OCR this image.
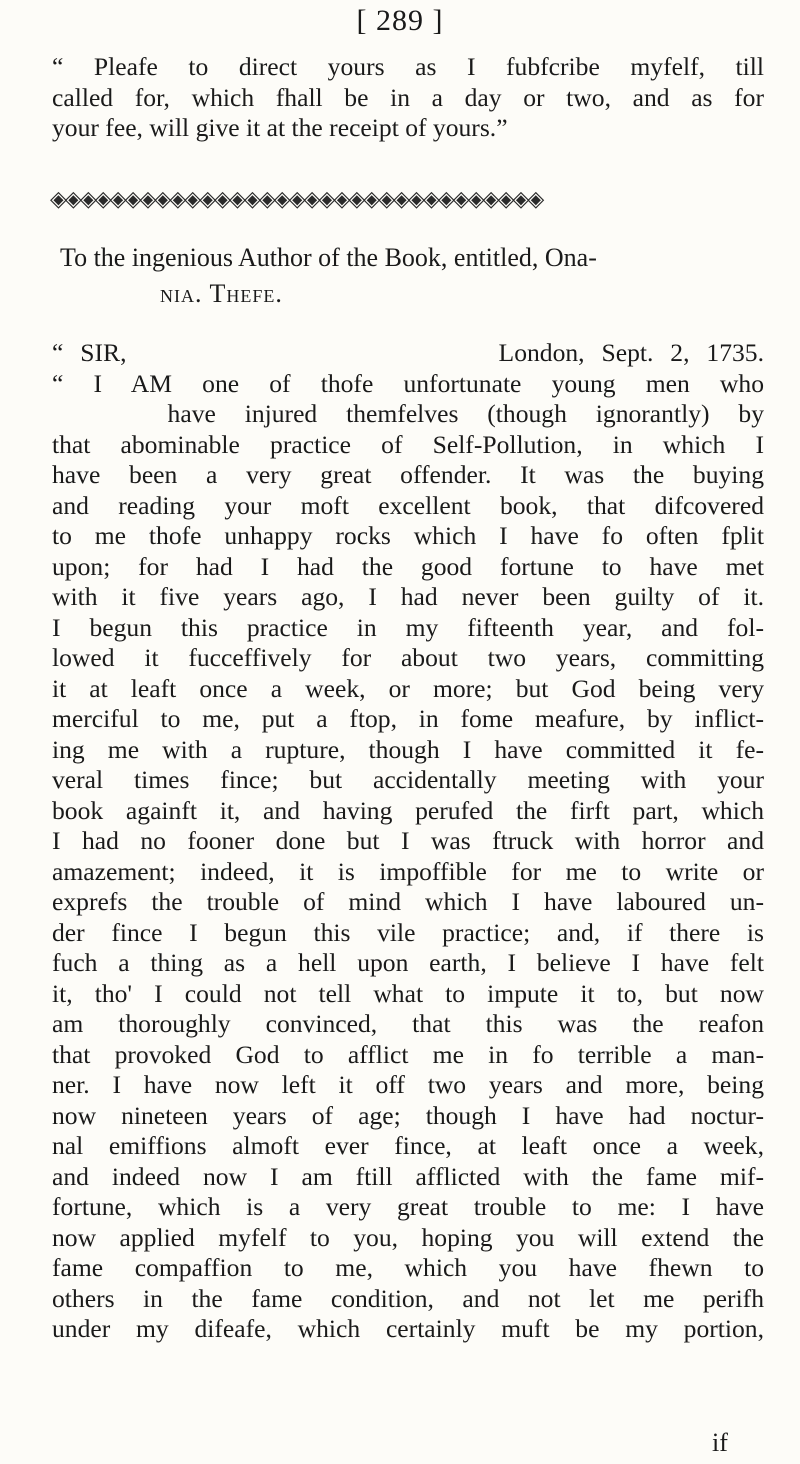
[ 289 ]
“ Pleafe to direct yours as I fubfcribe myfelf, till
called for, which fhall be in a day or two, and as for
your fee, will give it at the receipt of yours.”
◈◈◈◈◈◈◈◈◈◈◈◈◈◈◈◈◈◈◈◈◈◈◈◈◈◈◈◈◈◈◈◈◈
To the ingenious Author of the Book, entitled, Ona-
nia. Thefe.
“ SIR,                      London, Sept. 2, 1735.
“ I AM one of thofe unfortunate young men who
have injured themfelves (though ignorantly) by
that abominable practice of Self-Pollution, in which I
have been a very great offender. It was the buying
and reading your moft excellent book, that difcovered
to me thofe unhappy rocks which I have fo often fplit
upon; for had I had the good fortune to have met
with it five years ago, I had never been guilty of it.
I begun this practice in my fifteenth year, and fol-
lowed it fucceffively for about two years, committing
it at leaft once a week, or more; but God being very
merciful to me, put a ftop, in fome meafure, by inflict-
ing me with a rupture, though I have committed it fe-
veral times fince; but accidentally meeting with your
book againft it, and having perufed the firft part, which
I had no fooner done but I was ftruck with horror and
amazement; indeed, it is impoffible for me to write or
exprefs the trouble of mind which I have laboured un-
der fince I begun this vile practice; and, if there is
fuch a thing as a hell upon earth, I believe I have felt
it, tho' I could not tell what to impute it to, but now
am thoroughly convinced, that this was the reafon
that provoked God to afflict me in fo terrible a man-
ner. I have now left it off two years and more, being
now nineteen years of age; though I have had noctur-
nal emiffions almoft ever fince, at leaft once a week,
and indeed now I am ftill afflicted with the fame mif-
fortune, which is a very great trouble to me: I have
now applied myfelf to you, hoping you will extend the
fame compaffion to me, which you have fhewn to
others in the fame condition, and not let me perifh
under my difeafe, which certainly muft be my portion,
if
